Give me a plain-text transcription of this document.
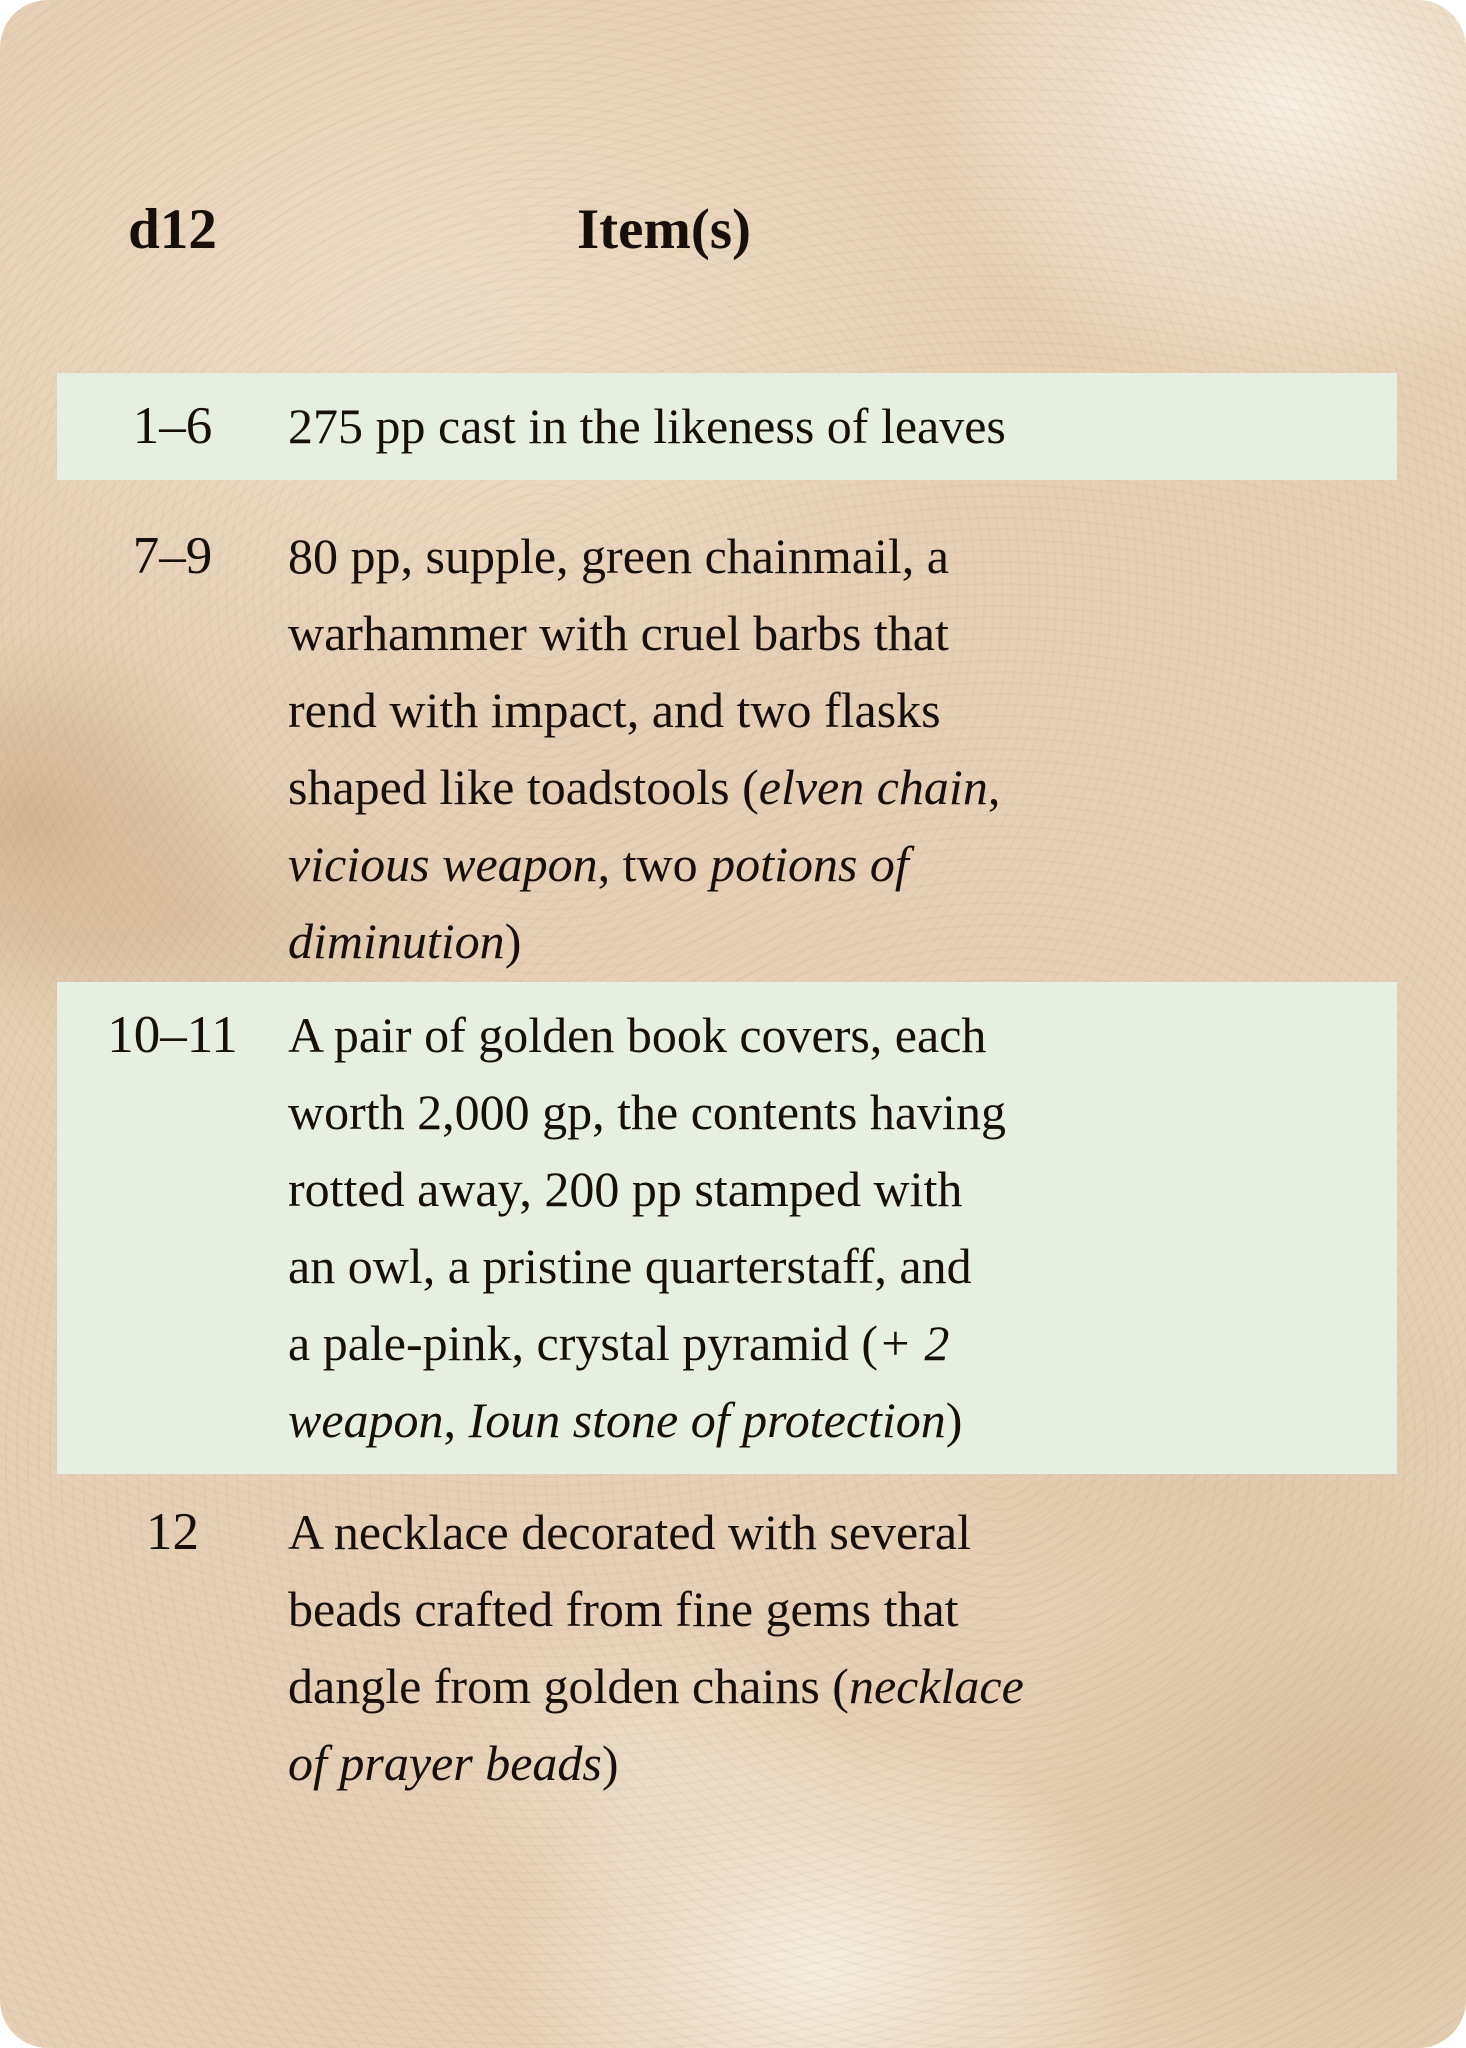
d12	Item(s)
1–6	275 pp cast in the likeness of leaves
7–9	80 pp, supple, green chainmail, a
warhammer with cruel barbs that
rend with impact, and two flasks
shaped like toadstools (elven chain,
vicious weapon, two potions of
diminution)
10–11	A pair of golden book covers, each
worth 2,000 gp, the contents having
rotted away, 200 pp stamped with
an owl, a pristine quarterstaff, and
a pale-pink, crystal pyramid (+ 2
weapon, Ioun stone of protection)
12	A necklace decorated with several
beads crafted from fine gems that
dangle from golden chains (necklace
of prayer beads)
